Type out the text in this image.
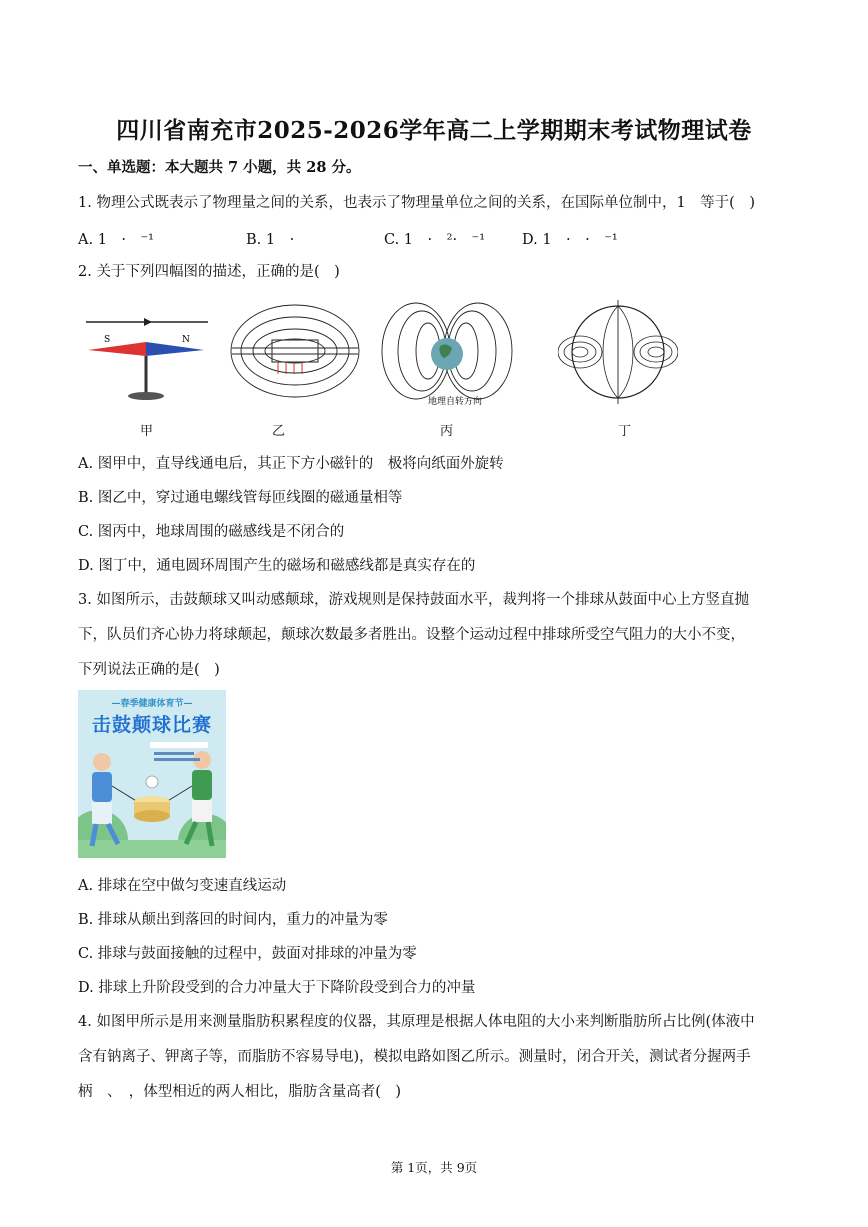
四川省南充市2025-2026学年高二上学期期末考试物理试卷
一、单选题：本大题共 7 小题，共 28 分。
1. 物理公式既表示了物理量之间的关系，也表示了物理量单位之间的关系，在国际单位制中，1　等于(　)
A. 1　·　⁻¹	B. 1　·	C. 1　·　²·　⁻¹	D. 1　·　·　⁻¹
2. 关于下列四幅图的描述，正确的是(　)
S	N
地理自转方向
甲	乙	丙	丁
A. 图甲中，直导线通电后，其正下方小磁针的　极将向纸面外旋转
B. 图乙中，穿过通电螺线管每匝线圈的磁通量相等
C. 图丙中，地球周围的磁感线是不闭合的
D. 图丁中，通电圆环周围产生的磁场和磁感线都是真实存在的
3. 如图所示，击鼓颠球又叫动感颠球，游戏规则是保持鼓面水平，裁判将一个排球从鼓面中心上方竖直抛
下，队员们齐心协力将球颠起，颠球次数最多者胜出。设整个运动过程中排球所受空气阻力的大小不变，
下列说法正确的是(　)
—春季健康体育节—
击鼓颠球比赛
A. 排球在空中做匀变速直线运动
B. 排球从颠出到落回的时间内，重力的冲量为零
C. 排球与鼓面接触的过程中，鼓面对排球的冲量为零
D. 排球上升阶段受到的合力冲量大于下降阶段受到合力的冲量
4. 如图甲所示是用来测量脂肪积累程度的仪器，其原理是根据人体电阻的大小来判断脂肪所占比例(体液中
含有钠离子、钾离子等，而脂肪不容易导电)，模拟电路如图乙所示。测量时，闭合开关，测试者分握两手
柄　、　，体型相近的两人相比，脂肪含量高者(　)
第 1页，共 9页
